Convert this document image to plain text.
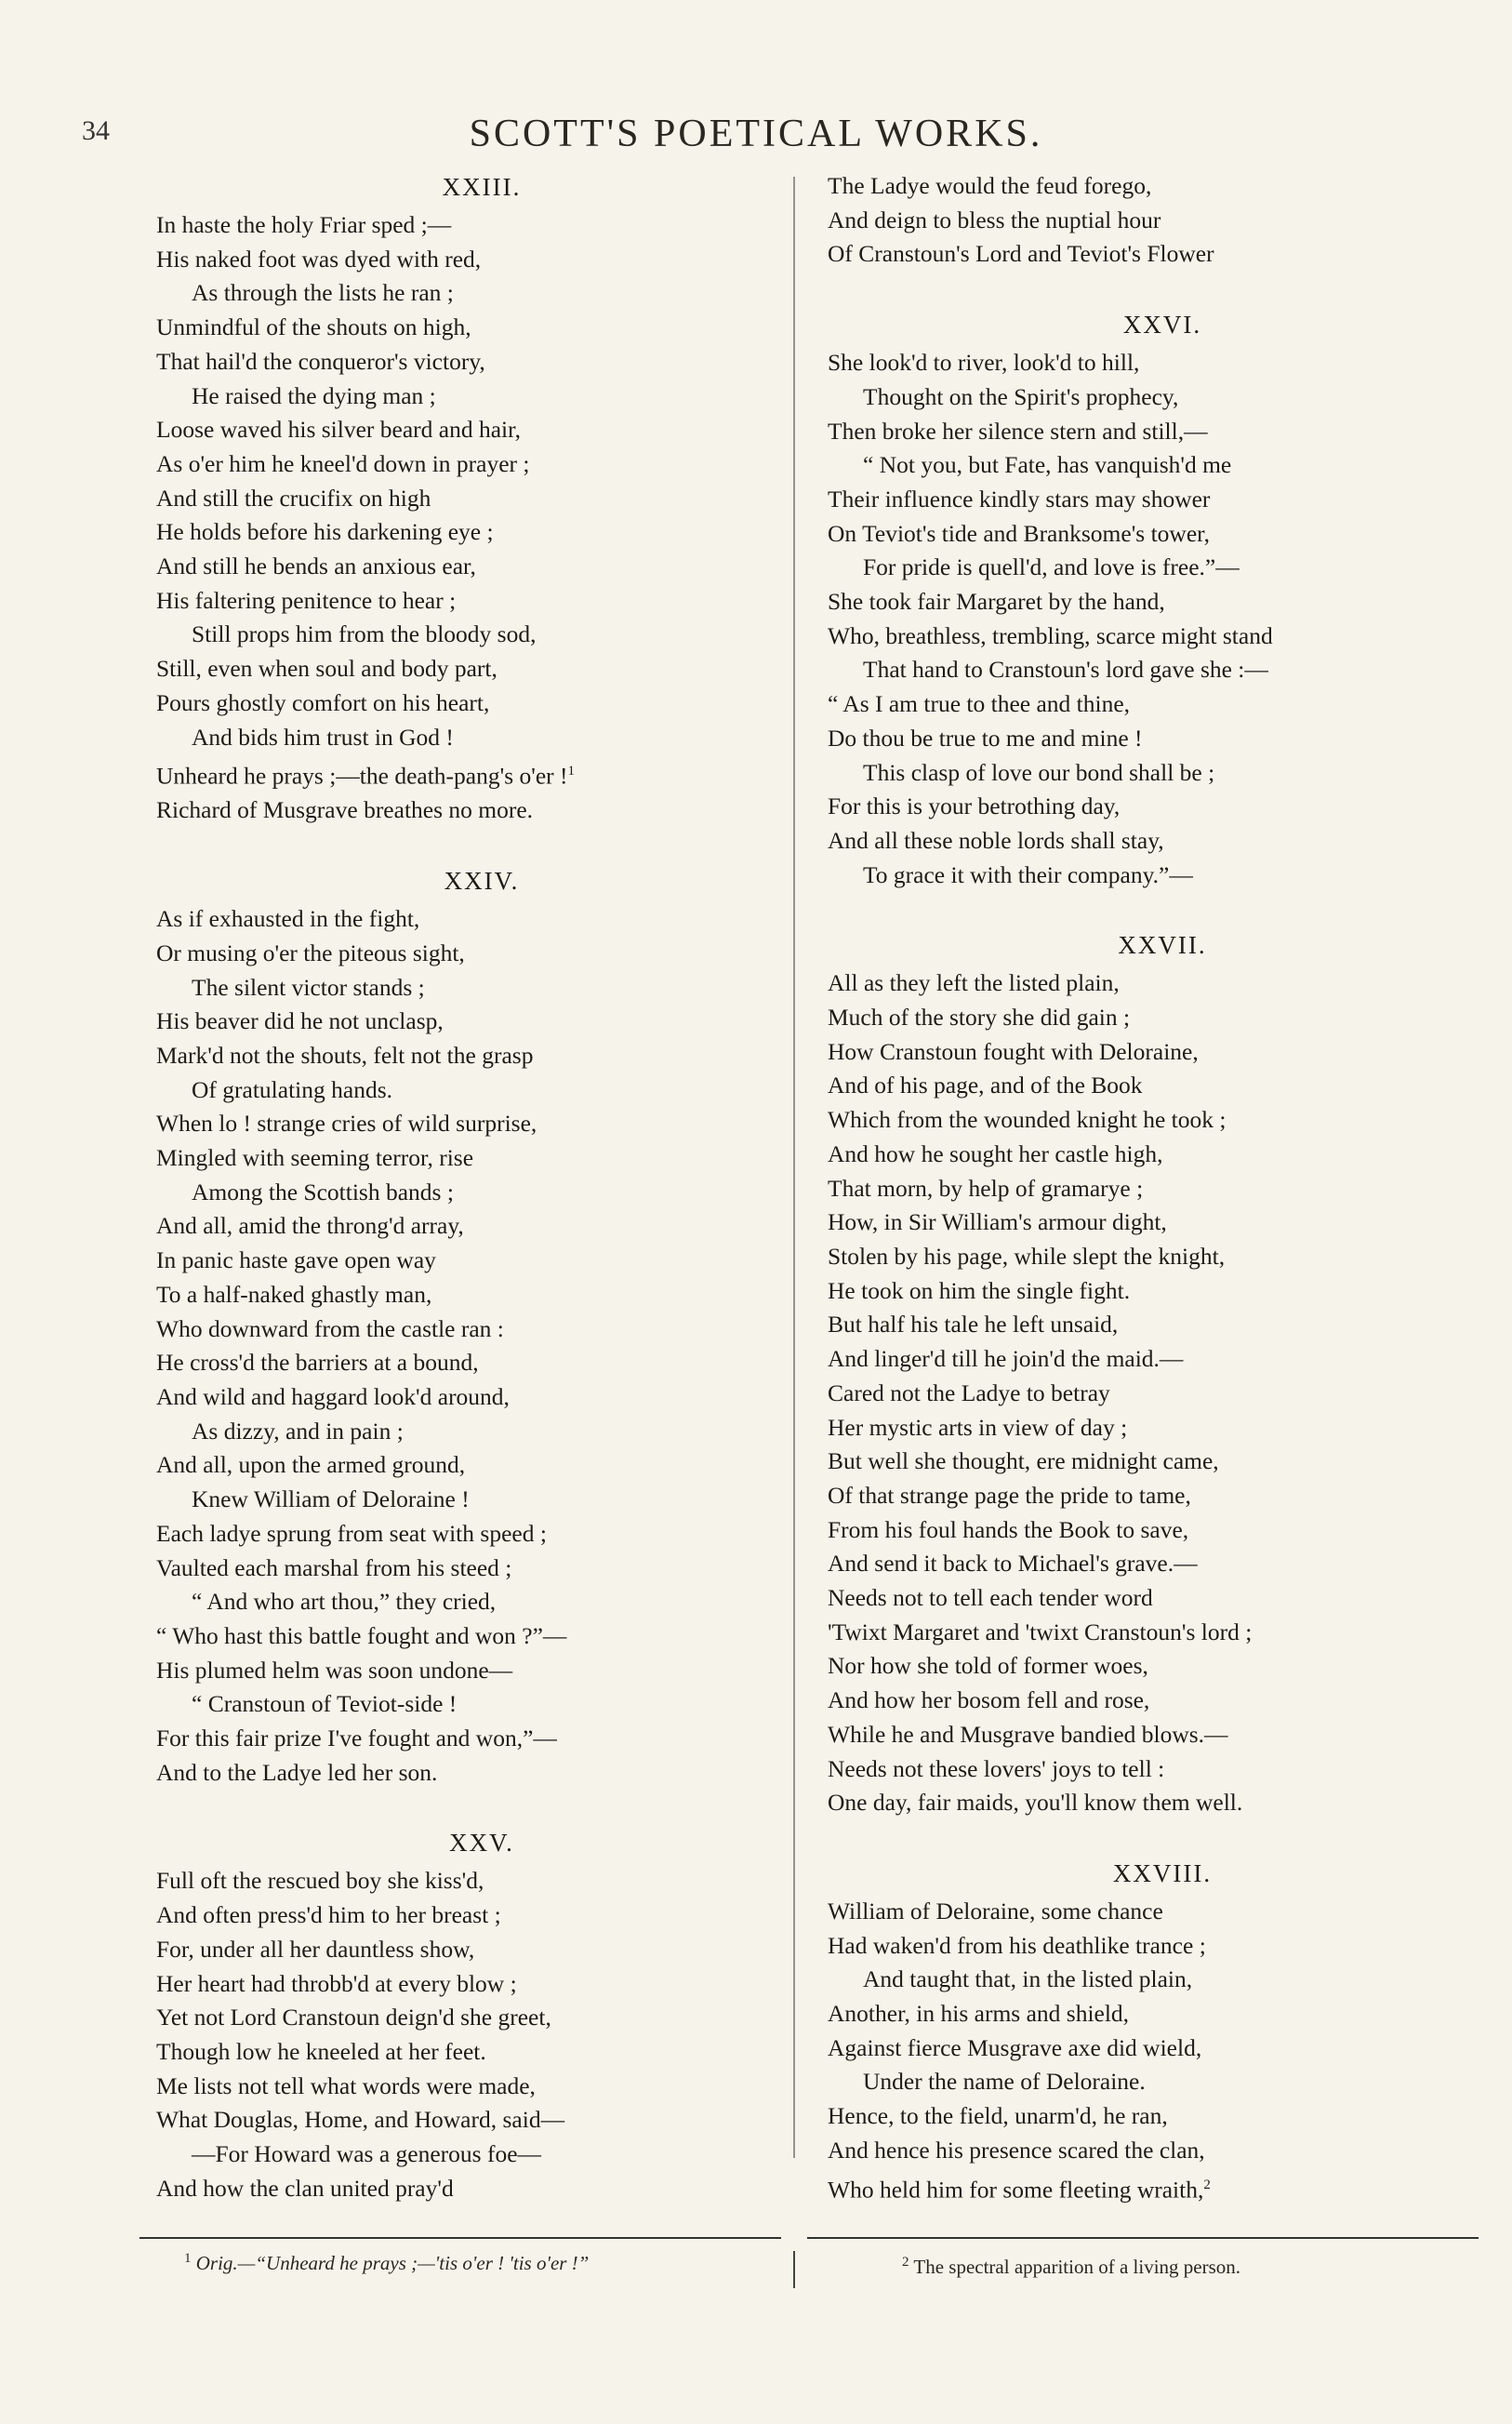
34	SCOTT'S POETICAL WORKS.
XXIII.
In haste the holy Friar sped ;—
His naked foot was dyed with red,
As through the lists he ran ;
Unmindful of the shouts on high,
That hail'd the conqueror's victory,
He raised the dying man ;
Loose waved his silver beard and hair,
As o'er him he kneel'd down in prayer ;
And still the crucifix on high
He holds before his darkening eye ;
And still he bends an anxious ear,
His faltering penitence to hear ;
Still props him from the bloody sod,
Still, even when soul and body part,
Pours ghostly comfort on his heart,
And bids him trust in God !
Unheard he prays ;—the death-pang's o'er !$^1$
Richard of Musgrave breathes no more.
XXIV.
As if exhausted in the fight,
Or musing o'er the piteous sight,
The silent victor stands ;
His beaver did he not unclasp,
Mark'd not the shouts, felt not the grasp
Of gratulating hands.
When lo ! strange cries of wild surprise,
Mingled with seeming terror, rise
Among the Scottish bands ;
And all, amid the throng'd array,
In panic haste gave open way
To a half-naked ghastly man,
Who downward from the castle ran :
He cross'd the barriers at a bound,
And wild and haggard look'd around,
As dizzy, and in pain ;
And all, upon the armed ground,
Knew William of Deloraine !
Each ladye sprung from seat with speed ;
Vaulted each marshal from his steed ;
“ And who art thou,” they cried,
“ Who hast this battle fought and won ?”—
His plumed helm was soon undone—
“ Cranstoun of Teviot-side !
For this fair prize I've fought and won,”—
And to the Ladye led her son.
XXV.
Full oft the rescued boy she kiss'd,
And often press'd him to her breast ;
For, under all her dauntless show,
Her heart had throbb'd at every blow ;
Yet not Lord Cranstoun deign'd she greet,
Though low he kneeled at her feet.
Me lists not tell what words were made,
What Douglas, Home, and Howard, said—
—For Howard was a generous foe—
And how the clan united pray'd
The Ladye would the feud forego,
And deign to bless the nuptial hour
Of Cranstoun's Lord and Teviot's Flower
XXVI.
She look'd to river, look'd to hill,
Thought on the Spirit's prophecy,
Then broke her silence stern and still,—
“ Not you, but Fate, has vanquish'd me
Their influence kindly stars may shower
On Teviot's tide and Branksome's tower,
For pride is quell'd, and love is free.”—
She took fair Margaret by the hand,
Who, breathless, trembling, scarce might stand
That hand to Cranstoun's lord gave she :—
“ As I am true to thee and thine,
Do thou be true to me and mine !
This clasp of love our bond shall be ;
For this is your betrothing day,
And all these noble lords shall stay,
To grace it with their company.”—
XXVII.
All as they left the listed plain,
Much of the story she did gain ;
How Cranstoun fought with Deloraine,
And of his page, and of the Book
Which from the wounded knight he took ;
And how he sought her castle high,
That morn, by help of gramarye ;
How, in Sir William's armour dight,
Stolen by his page, while slept the knight,
He took on him the single fight.
But half his tale he left unsaid,
And linger'd till he join'd the maid.—
Cared not the Ladye to betray
Her mystic arts in view of day ;
But well she thought, ere midnight came,
Of that strange page the pride to tame,
From his foul hands the Book to save,
And send it back to Michael's grave.—
Needs not to tell each tender word
'Twixt Margaret and 'twixt Cranstoun's lord ;
Nor how she told of former woes,
And how her bosom fell and rose,
While he and Musgrave bandied blows.—
Needs not these lovers' joys to tell :
One day, fair maids, you'll know them well.
XXVIII.
William of Deloraine, some chance
Had waken'd from his deathlike trance ;
And taught that, in the listed plain,
Another, in his arms and shield,
Against fierce Musgrave axe did wield,
Under the name of Deloraine.
Hence, to the field, unarm'd, he ran,
And hence his presence scared the clan,
Who held him for some fleeting wraith,$^2$
$^1$ Orig.—“Unheard he prays ;—'tis o'er ! 'tis o'er !”	$^2$ The spectral apparition of a living person.
